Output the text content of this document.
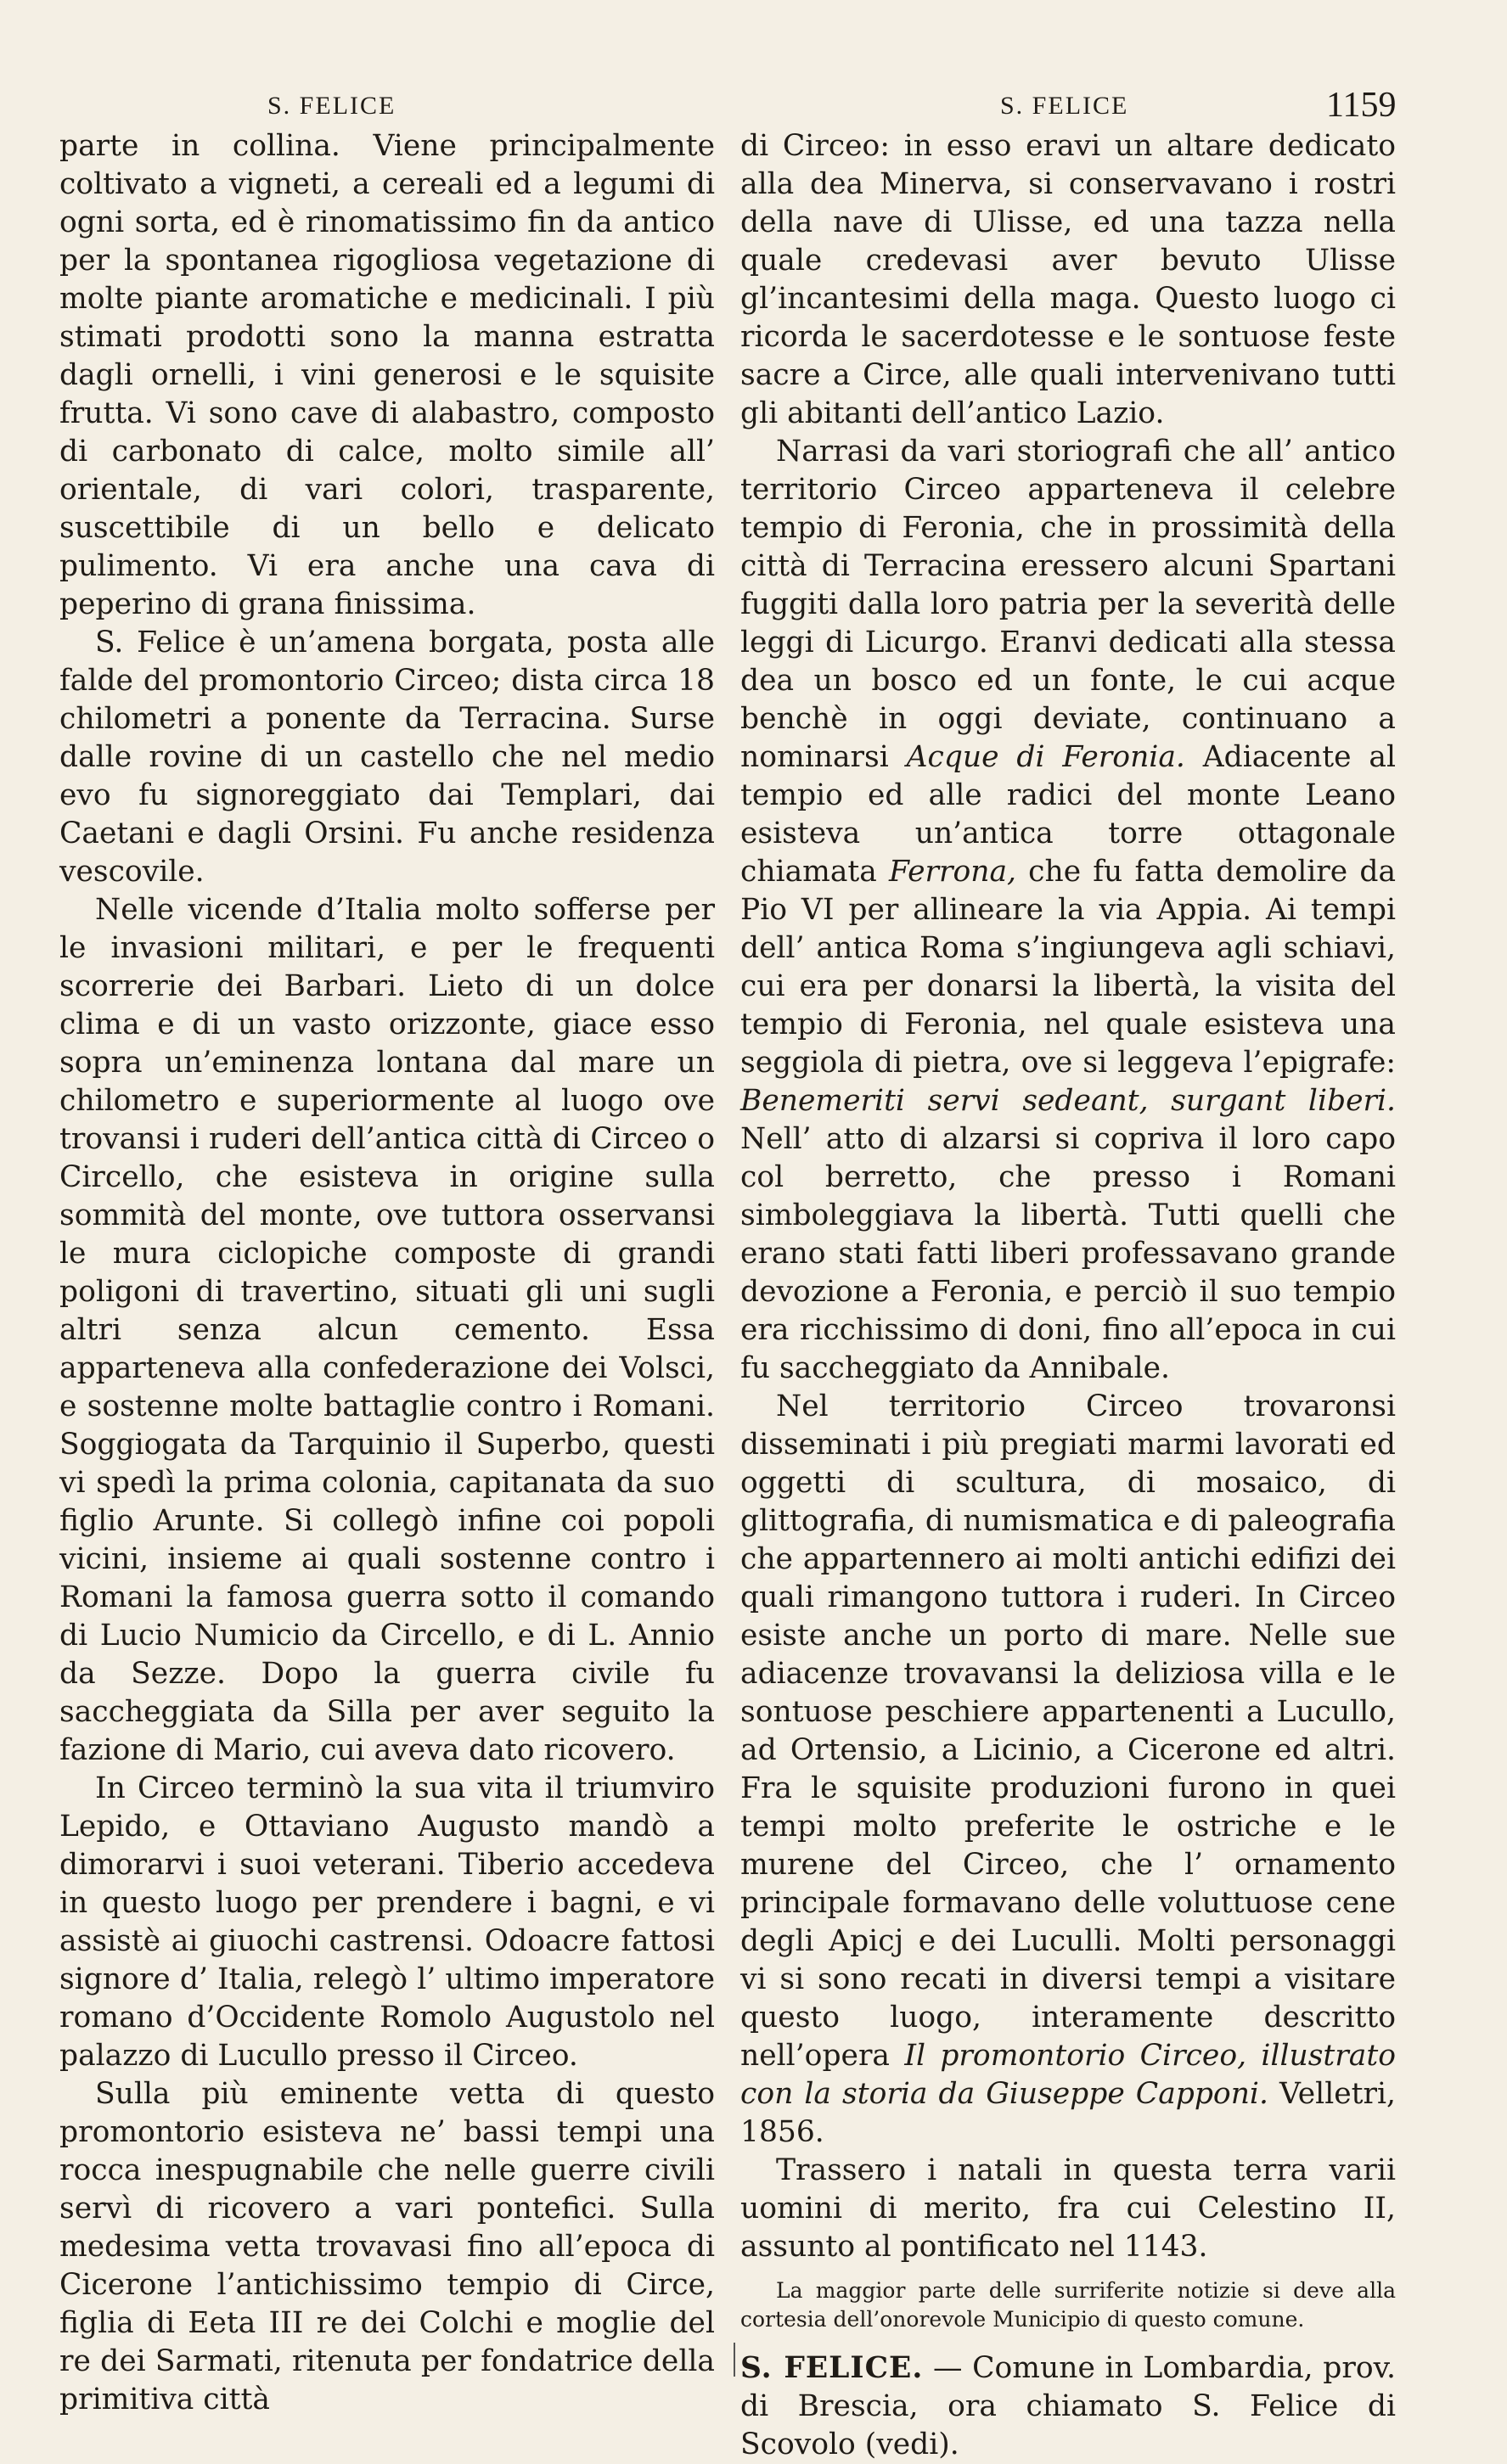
S. FELICE	S. FELICE	1159

parte in collina. Viene principalmente coltivato a vigneti, a cereali ed a legumi di ogni sorta, ed è rinomatissimo fin da antico per la spontanea rigogliosa vegetazione di molte piante aromatiche e medicinali. I più stimati prodotti sono la manna estratta dagli ornelli, i vini generosi e le squisite frutta. Vi sono cave di alabastro, composto di carbonato di calce, molto simile all’ orientale, di vari colori, trasparente, suscettibile di un bello e delicato pulimento. Vi era anche una cava di peperino di grana finissima.

S. Felice è un’amena borgata, posta alle falde del promontorio Circeo; dista circa 18 chilometri a ponente da Terracina. Surse dalle rovine di un castello che nel medio evo fu signoreggiato dai Templari, dai Caetani e dagli Orsini. Fu anche residenza vescovile.

Nelle vicende d’Italia molto sofferse per le invasioni militari, e per le frequenti scorrerie dei Barbari. Lieto di un dolce clima e di un vasto orizzonte, giace esso sopra un’eminenza lontana dal mare un chilometro e superiormente al luogo ove trovansi i ruderi dell’antica città di Circeo o Circello, che esisteva in origine sulla sommità del monte, ove tuttora osservansi le mura ciclopiche composte di grandi poligoni di travertino, situati gli uni sugli altri senza alcun cemento. Essa apparteneva alla confederazione dei Volsci, e sostenne molte battaglie contro i Romani. Soggiogata da Tarquinio il Superbo, questi vi spedì la prima colonia, capitanata da suo figlio Arunte. Si collegò infine coi popoli vicini, insieme ai quali sostenne contro i Romani la famosa guerra sotto il comando di Lucio Numicio da Circello, e di L. Annio da Sezze. Dopo la guerra civile fu saccheggiata da Silla per aver seguito la fazione di Mario, cui aveva dato ricovero.

In Circeo terminò la sua vita il triumviro Lepido, e Ottaviano Augusto mandò a dimorarvi i suoi veterani. Tiberio accedeva in questo luogo per prendere i bagni, e vi assistè ai giuochi castrensi. Odoacre fattosi signore d’ Italia, relegò l’ ultimo imperatore romano d’Occidente Romolo Augustolo nel palazzo di Lucullo presso il Circeo.

Sulla più eminente vetta di questo promontorio esisteva ne’ bassi tempi una rocca inespugnabile che nelle guerre civili servì di ricovero a vari pontefici. Sulla medesima vetta trovavasi fino all’epoca di Cicerone l’antichissimo tempio di Circe, figlia di Eeta III re dei Colchi e moglie del re dei Sarmati, ritenuta per fondatrice della primitiva città

di Circeo: in esso eravi un altare dedicato alla dea Minerva, si conservavano i rostri della nave di Ulisse, ed una tazza nella quale credevasi aver bevuto Ulisse gl’incantesimi della maga. Questo luogo ci ricorda le sacerdotesse e le sontuose feste sacre a Circe, alle quali intervenivano tutti gli abitanti dell’antico Lazio.

Narrasi da vari storiografi che all’ antico territorio Circeo apparteneva il celebre tempio di Feronia, che in prossimità della città di Terracina eressero alcuni Spartani fuggiti dalla loro patria per la severità delle leggi di Licurgo. Eranvi dedicati alla stessa dea un bosco ed un fonte, le cui acque benchè in oggi deviate, continuano a nominarsi Acque di Feronia. Adiacente al tempio ed alle radici del monte Leano esisteva un’antica torre ottagonale chiamata Ferrona, che fu fatta demolire da Pio VI per allineare la via Appia. Ai tempi dell’ antica Roma s’ingiungeva agli schiavi, cui era per donarsi la libertà, la visita del tempio di Feronia, nel quale esisteva una seggiola di pietra, ove si leggeva l’epigrafe: Benemeriti servi sedeant, surgant liberi. Nell’ atto di alzarsi si copriva il loro capo col berretto, che presso i Romani simboleggiava la libertà. Tutti quelli che erano stati fatti liberi professavano grande devozione a Feronia, e perciò il suo tempio era ricchissimo di doni, fino all’epoca in cui fu saccheggiato da Annibale.

Nel territorio Circeo trovaronsi disseminati i più pregiati marmi lavorati ed oggetti di scultura, di mosaico, di glittografia, di numismatica e di paleografia che appartennero ai molti antichi edifizi dei quali rimangono tuttora i ruderi. In Circeo esiste anche un porto di mare. Nelle sue adiacenze trovavansi la deliziosa villa e le sontuose peschiere appartenenti a Lucullo, ad Ortensio, a Licinio, a Cicerone ed altri. Fra le squisite produzioni furono in quei tempi molto preferite le ostriche e le murene del Circeo, che l’ ornamento principale formavano delle voluttuose cene degli Apicj e dei Luculli. Molti personaggi vi si sono recati in diversi tempi a visitare questo luogo, interamente descritto nell’opera Il promontorio Circeo, illustrato con la storia da Giuseppe Capponi. Velletri, 1856.

Trassero i natali in questa terra varii uomini di merito, fra cui Celestino II, assunto al pontificato nel 1143.

La maggior parte delle surriferite notizie si deve alla cortesia dell’onorevole Municipio di questo comune.

S. FELICE. — Comune in Lombardia, prov. di Brescia, ora chiamato S. Felice di Scovolo (vedi).
